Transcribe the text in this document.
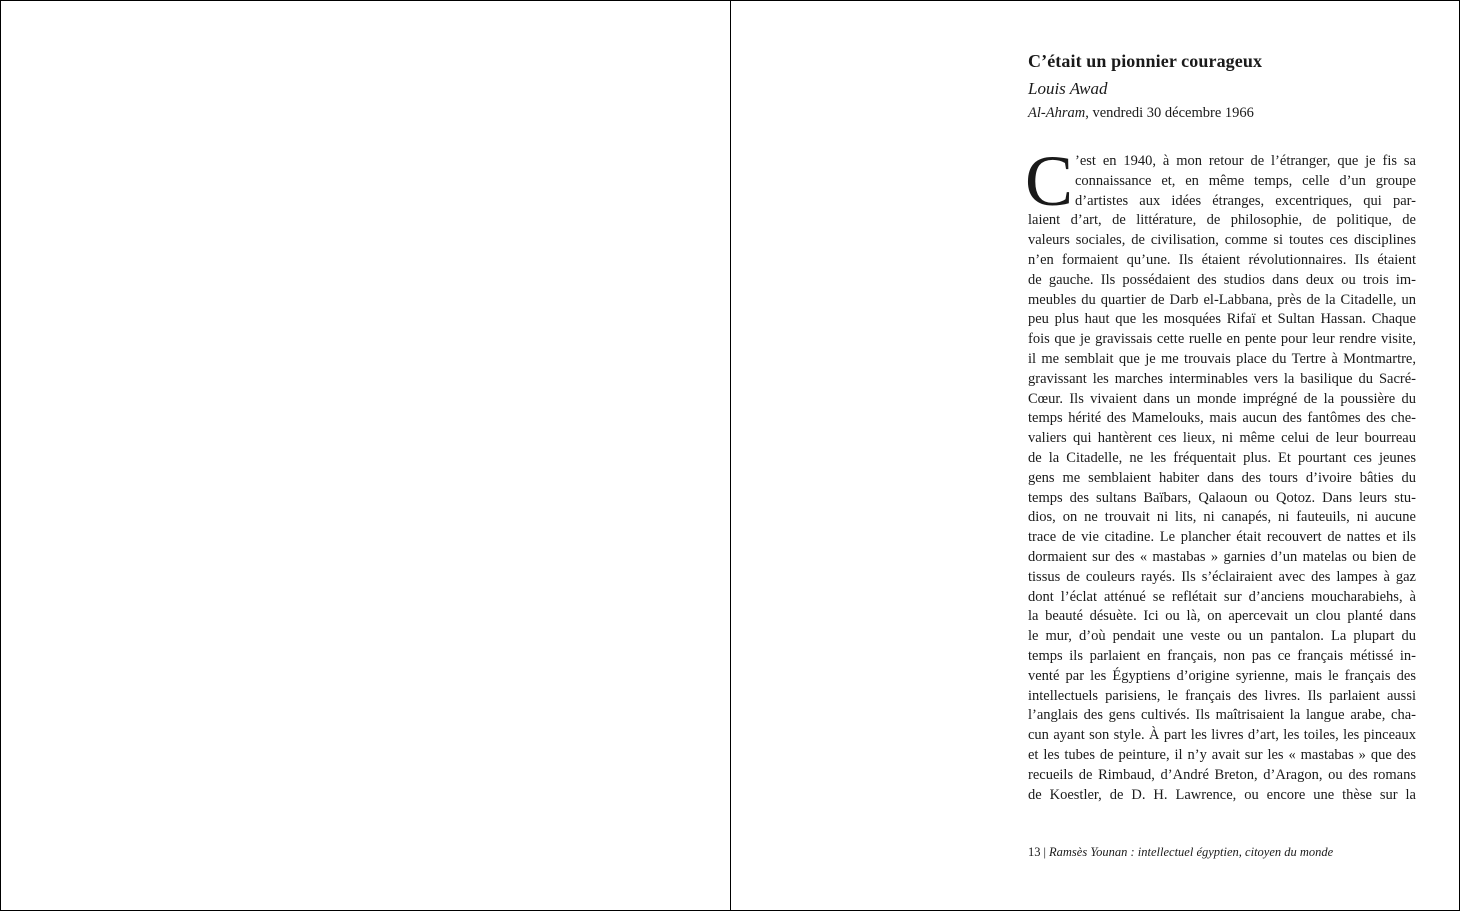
C’était un pionnier courageux

Louis Awad

Al-Ahram, vendredi 30 décembre 1966

C ’est en 1940, à mon retour de l’étranger, que je fis sa
connaissance et, en même temps, celle d’un groupe
d’artistes aux idées étranges, excentriques, qui par-
laient d’art, de littérature, de philosophie, de politique, de
valeurs sociales, de civilisation, comme si toutes ces disciplines
n’en formaient qu’une. Ils étaient révolutionnaires. Ils étaient
de gauche. Ils possédaient des studios dans deux ou trois im-
meubles du quartier de Darb el-Labbana, près de la Citadelle, un
peu plus haut que les mosquées Rifaï et Sultan Hassan. Chaque
fois que je gravissais cette ruelle en pente pour leur rendre visite,
il me semblait que je me trouvais place du Tertre à Montmartre,
gravissant les marches interminables vers la basilique du Sacré-
Cœur. Ils vivaient dans un monde imprégné de la poussière du
temps hérité des Mamelouks, mais aucun des fantômes des che-
valiers qui hantèrent ces lieux, ni même celui de leur bourreau
de la Citadelle, ne les fréquentait plus. Et pourtant ces jeunes
gens me semblaient habiter dans des tours d’ivoire bâties du
temps des sultans Baïbars, Qalaoun ou Qotoz. Dans leurs stu-
dios, on ne trouvait ni lits, ni canapés, ni fauteuils, ni aucune
trace de vie citadine. Le plancher était recouvert de nattes et ils
dormaient sur des « mastabas » garnies d’un matelas ou bien de
tissus de couleurs rayés. Ils s’éclairaient avec des lampes à gaz
dont l’éclat atténué se reflétait sur d’anciens moucharabiehs, à
la beauté désuète. Ici ou là, on apercevait un clou planté dans
le mur, d’où pendait une veste ou un pantalon. La plupart du
temps ils parlaient en français, non pas ce français métissé in-
venté par les Égyptiens d’origine syrienne, mais le français des
intellectuels parisiens, le français des livres. Ils parlaient aussi
l’anglais des gens cultivés. Ils maîtrisaient la langue arabe, cha-
cun ayant son style. À part les livres d’art, les toiles, les pinceaux
et les tubes de peinture, il n’y avait sur les « mastabas » que des
recueils de Rimbaud, d’André Breton, d’Aragon, ou des romans
de Koestler, de D. H. Lawrence, ou encore une thèse sur la

13 | Ramsès Younan : intellectuel égyptien, citoyen du monde
